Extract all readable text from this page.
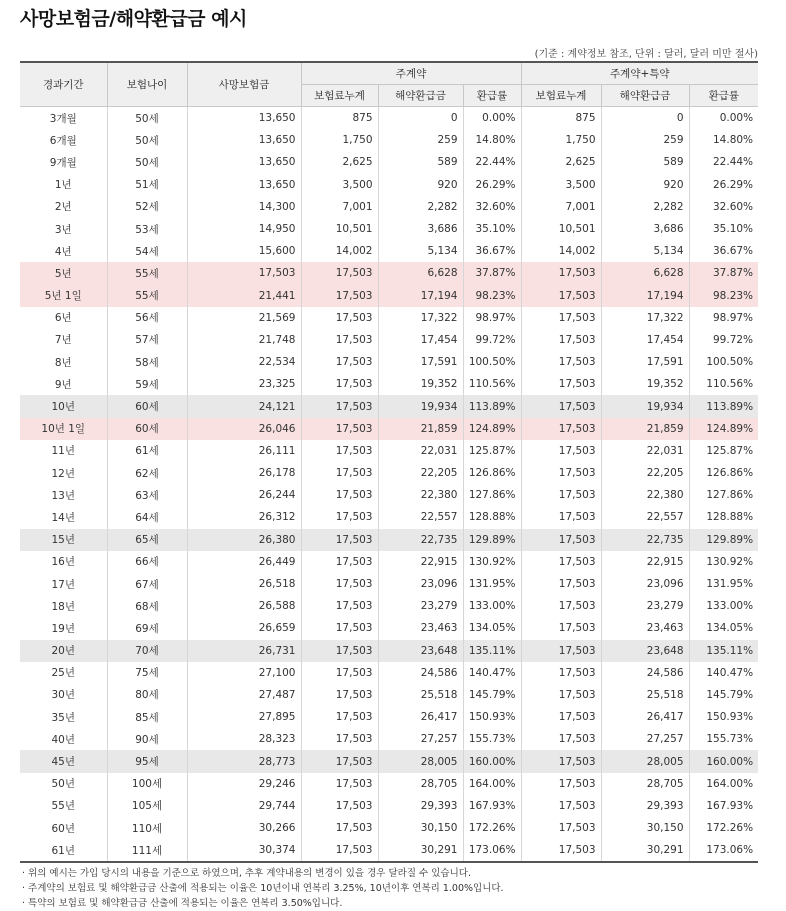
사망보험금/해약환급금 예시
(기준 : 계약정보 참조, 단위 : 달러, 달러 미만 절사)
경과기간	보험나이	사망보험금	주계약			주계약+특약		
			보험료누계	해약환급금	환급률	보험료누계	해약환급금	환급률
3개월	50세	13,650	875	0	0.00%	875	0	0.00%
6개월	50세	13,650	1,750	259	14.80%	1,750	259	14.80%
9개월	50세	13,650	2,625	589	22.44%	2,625	589	22.44%
1년	51세	13,650	3,500	920	26.29%	3,500	920	26.29%
2년	52세	14,300	7,001	2,282	32.60%	7,001	2,282	32.60%
3년	53세	14,950	10,501	3,686	35.10%	10,501	3,686	35.10%
4년	54세	15,600	14,002	5,134	36.67%	14,002	5,134	36.67%
5년	55세	17,503	17,503	6,628	37.87%	17,503	6,628	37.87%
5년 1일	55세	21,441	17,503	17,194	98.23%	17,503	17,194	98.23%
6년	56세	21,569	17,503	17,322	98.97%	17,503	17,322	98.97%
7년	57세	21,748	17,503	17,454	99.72%	17,503	17,454	99.72%
8년	58세	22,534	17,503	17,591	100.50%	17,503	17,591	100.50%
9년	59세	23,325	17,503	19,352	110.56%	17,503	19,352	110.56%
10년	60세	24,121	17,503	19,934	113.89%	17,503	19,934	113.89%
10년 1일	60세	26,046	17,503	21,859	124.89%	17,503	21,859	124.89%
11년	61세	26,111	17,503	22,031	125.87%	17,503	22,031	125.87%
12년	62세	26,178	17,503	22,205	126.86%	17,503	22,205	126.86%
13년	63세	26,244	17,503	22,380	127.86%	17,503	22,380	127.86%
14년	64세	26,312	17,503	22,557	128.88%	17,503	22,557	128.88%
15년	65세	26,380	17,503	22,735	129.89%	17,503	22,735	129.89%
16년	66세	26,449	17,503	22,915	130.92%	17,503	22,915	130.92%
17년	67세	26,518	17,503	23,096	131.95%	17,503	23,096	131.95%
18년	68세	26,588	17,503	23,279	133.00%	17,503	23,279	133.00%
19년	69세	26,659	17,503	23,463	134.05%	17,503	23,463	134.05%
20년	70세	26,731	17,503	23,648	135.11%	17,503	23,648	135.11%
25년	75세	27,100	17,503	24,586	140.47%	17,503	24,586	140.47%
30년	80세	27,487	17,503	25,518	145.79%	17,503	25,518	145.79%
35년	85세	27,895	17,503	26,417	150.93%	17,503	26,417	150.93%
40년	90세	28,323	17,503	27,257	155.73%	17,503	27,257	155.73%
45년	95세	28,773	17,503	28,005	160.00%	17,503	28,005	160.00%
50년	100세	29,246	17,503	28,705	164.00%	17,503	28,705	164.00%
55년	105세	29,744	17,503	29,393	167.93%	17,503	29,393	167.93%
60년	110세	30,266	17,503	30,150	172.26%	17,503	30,150	172.26%
61년	111세	30,374	17,503	30,291	173.06%	17,503	30,291	173.06%
· 위의 예시는 가입 당시의 내용을 기준으로 하였으며, 추후 계약내용의 변경이 있을 경우 달라질 수 있습니다.
· 주계약의 보험료 및 해약환급금 산출에 적용되는 이율은 10년이내 연복리 3.25%, 10년이후 연복리 1.00%입니다.
· 특약의 보험료 및 해약환급금 산출에 적용되는 이율은 연복리 3.50%입니다.
